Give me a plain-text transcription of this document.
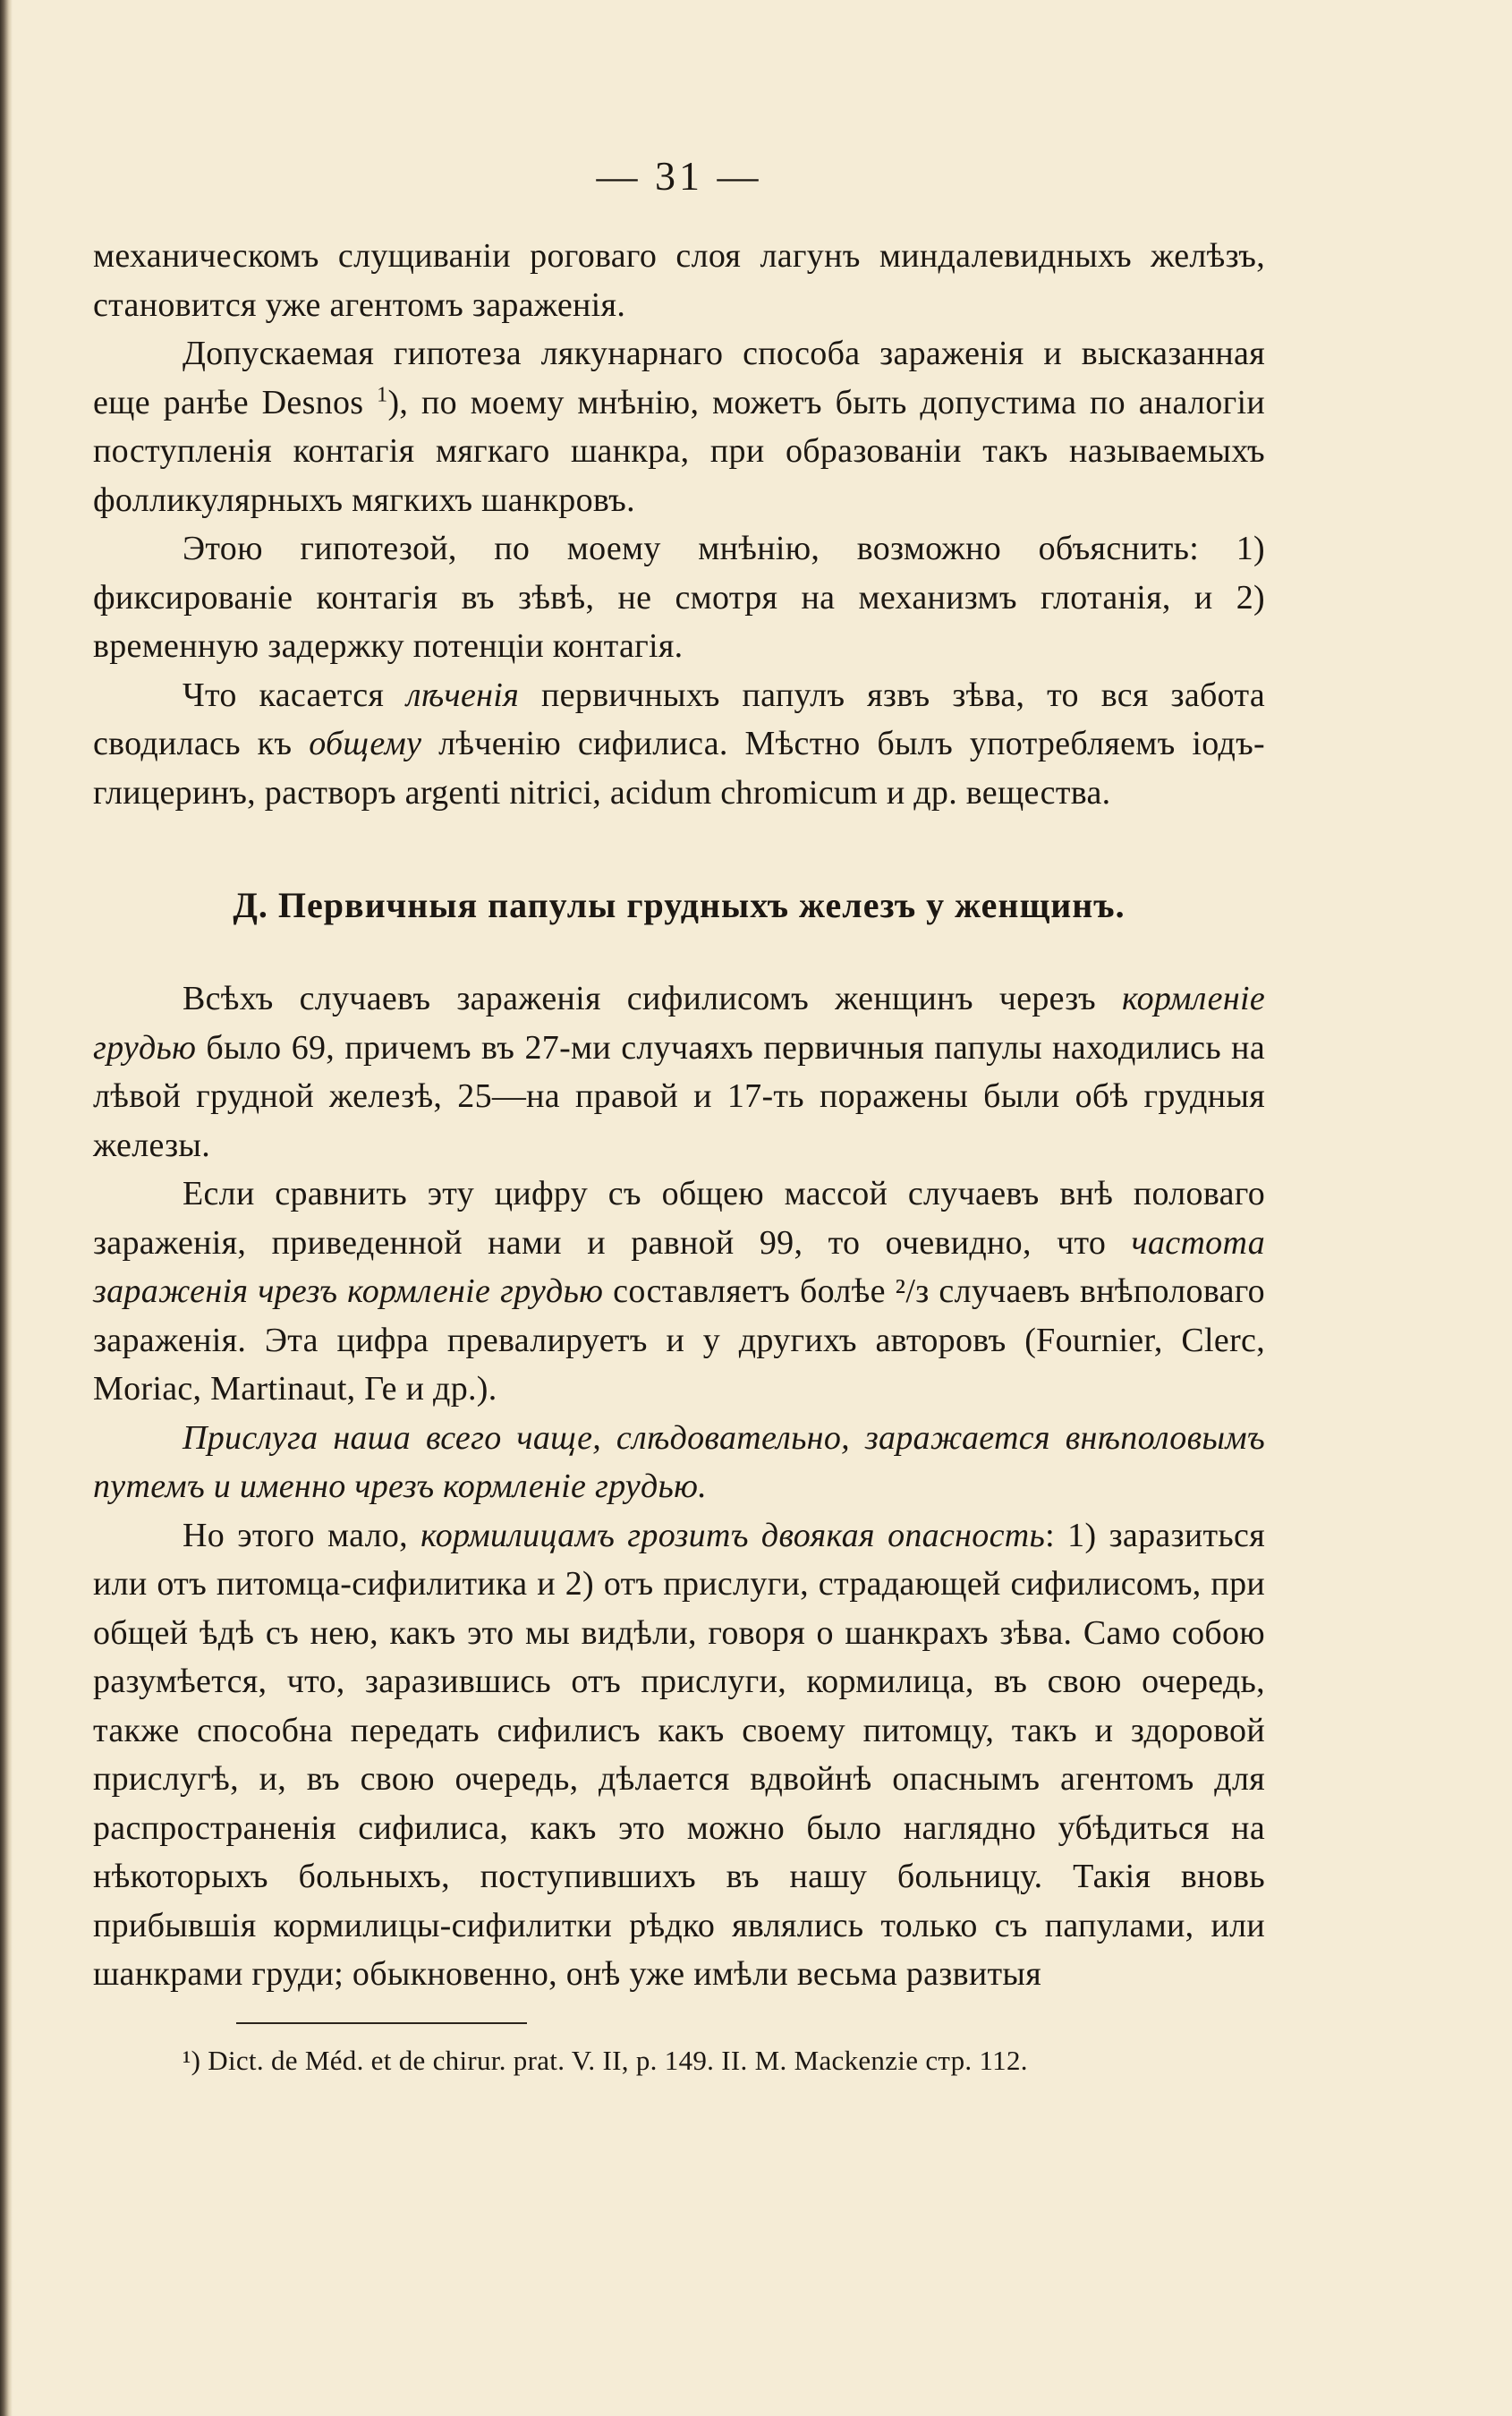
— 31 —

механическомъ слущиваніи роговаго слоя лагунъ миндалевидныхъ желѣзъ, становится уже агентомъ зараженія.

Допускаемая гипотеза лякунарнаго способа зараженія и высказанная еще ранѣе Desnos $^1$), по моему мнѣнію, можетъ быть допустима по аналогіи поступленія контагія мягкаго шанкра, при образованіи такъ называемыхъ фолликулярныхъ мягкихъ шанкровъ.

Этою гипотезой, по моему мнѣнію, возможно объяснить: 1) фиксированіе контагія въ зѣвѣ, не смотря на механизмъ глотанія, и 2) временную задержку потенціи контагія.

Что касается лѣченія первичныхъ папулъ язвъ зѣва, то вся забота сводилась къ общему лѣченію сифилиса. Мѣстно былъ употребляемъ іодъ-глицеринъ, растворъ argenti nitrici, acidum chromicum и др. вещества.

Д. Первичныя папулы грудныхъ железъ у женщинъ.

Всѣхъ случаевъ зараженія сифилисомъ женщинъ черезъ кормленіе грудью было 69, причемъ въ 27-ми случаяхъ первичныя папулы находились на лѣвой грудной железѣ, 25—на правой и 17-ть поражены были обѣ грудныя железы.

Если сравнить эту цифру съ общею массой случаевъ внѣ половаго зараженія, приведенной нами и равной 99, то очевидно, что частота зараженія чрезъ кормленіе грудью составляетъ болѣе ²/з случаевъ внѣполоваго зараженія. Эта цифра превалируетъ и у другихъ авторовъ (Fournier, Clerc, Moriac, Martinaut, Ге и др.).

Прислуга наша всего чаще, слѣдовательно, заражается внѣполовымъ путемъ и именно чрезъ кормленіе грудью.

Но этого мало, кормилицамъ грозитъ двоякая опасность: 1) заразиться или отъ питомца-сифилитика и 2) отъ прислуги, страдающей сифилисомъ, при общей ѣдѣ съ нею, какъ это мы видѣли, говоря о шанкрахъ зѣва. Само собою разумѣется, что, заразившись отъ прислуги, кормилица, въ свою очередь, также способна передать сифилисъ какъ своему питомцу, такъ и здоровой прислугѣ, и, въ свою очередь, дѣлается вдвойнѣ опаснымъ агентомъ для распространенія сифилиса, какъ это можно было наглядно убѣдиться на нѣкоторыхъ больныхъ, поступившихъ въ нашу больницу. Такія вновь прибывшія кормилицы-сифилитки рѣдко являлись только съ папулами, или шанкрами груди; обыкновенно, онѣ уже имѣли весьма развитыя

¹) Dict. de Méd. et de chirur. prat. V. II, p. 149. II. M. Mackenzie стр. 112.
